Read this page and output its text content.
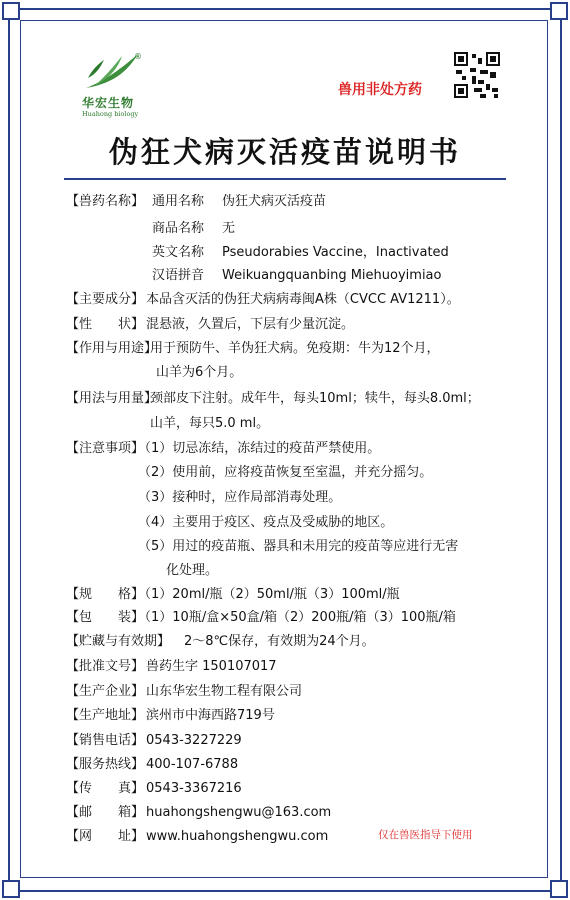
华宏生物
Huahong biology
®
兽用非处方药
伪狂犬病灭活疫苗说明书
【兽药名称】 通用名称 伪狂犬病灭活疫苗
商品名称 无
英文名称 Pseudorabies Vaccine，Inactivated
汉语拼音 Weikuangquanbing Miehuoyimiao
【主要成分】 本品含灭活的伪狂犬病病毒闽A株（CVCC AV1211）。
【性　　状】 混悬液，久置后，下层有少量沉淀。
【作用与用途】
用于预防牛、羊伪狂犬病。免疫期：牛为12个月，
山羊为6个月。
【用法与用量】
颈部皮下注射。成年牛，每头10ml；犊牛，每头8.0ml；
山羊，每只5.0 ml。
【注意事项】
（1）切忌冻结，冻结过的疫苗严禁使用。
（2）使用前，应将疫苗恢复至室温，并充分摇匀。
（3）接种时，应作局部消毒处理。
（4）主要用于疫区、疫点及受威胁的地区。
（5）用过的疫苗瓶、器具和未用完的疫苗等应进行无害
化处理。
【规　　格】
（1）20ml/瓶（2）50ml/瓶（3）100ml/瓶
【包　　装】
（1）10瓶/盒×50盒/箱（2）200瓶/箱（3）100瓶/箱
【贮藏与有效期】 2～8℃保存，有效期为24个月。
【批准文号】 兽药生字 150107017
【生产企业】 山东华宏生物工程有限公司
【生产地址】 滨州市中海西路719号
【销售电话】 0543-3227229
【服务热线】 400-107-6788
【传　　真】 0543-3367216
【邮　　箱】 huahongshengwu@163.com
【网　　址】 www.huahongshengwu.com	仅在兽医指导下使用
